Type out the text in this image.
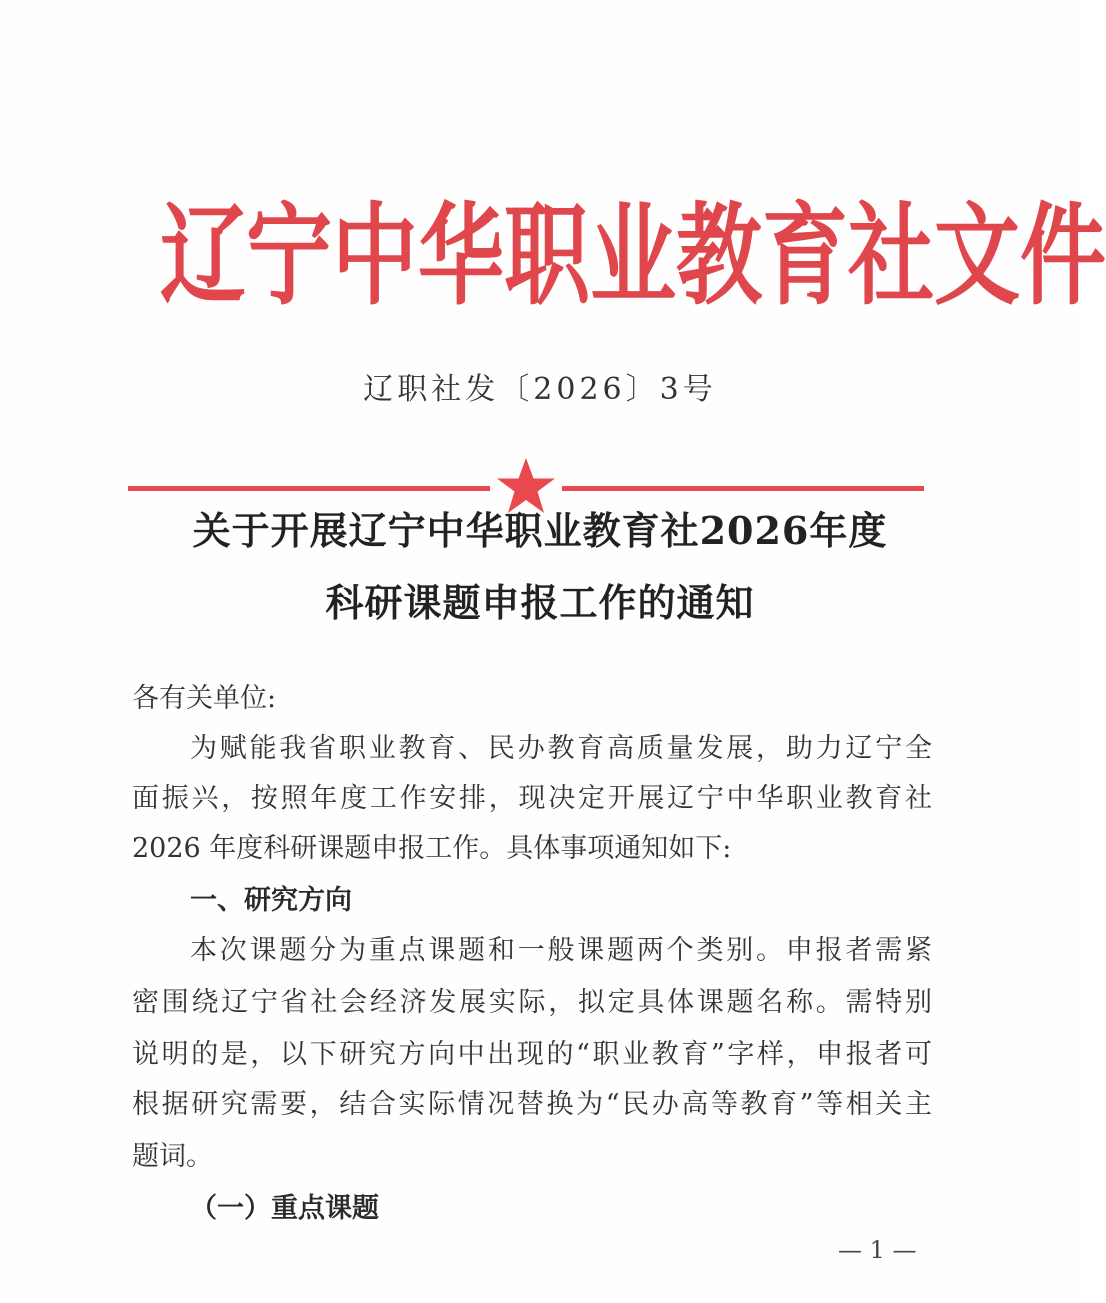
辽 宁 中 华 职 业 教 育 社 文 件
辽职社发〔2026〕3号
关于开展辽宁中华职业教育社2026年度
科研课题申报工作的通知
各有关单位:
为赋能我省职业教育、民办教育高质量发展，助力辽宁全
面振兴，按照年度工作安排，现决定开展辽宁中华职业教育社
2026 年度科研课题申报工作。具体事项通知如下:
一、研究方向
本次课题分为重点课题和一般课题两个类别。申报者需紧
密围绕辽宁省社会经济发展实际，拟定具体课题名称。需特别
说明的是，以下研究方向中出现的“职业教育”字样，申报者可
根据研究需要，结合实际情况替换为“民办高等教育”等相关主
题词。
（一）重点课题
— 1 —
